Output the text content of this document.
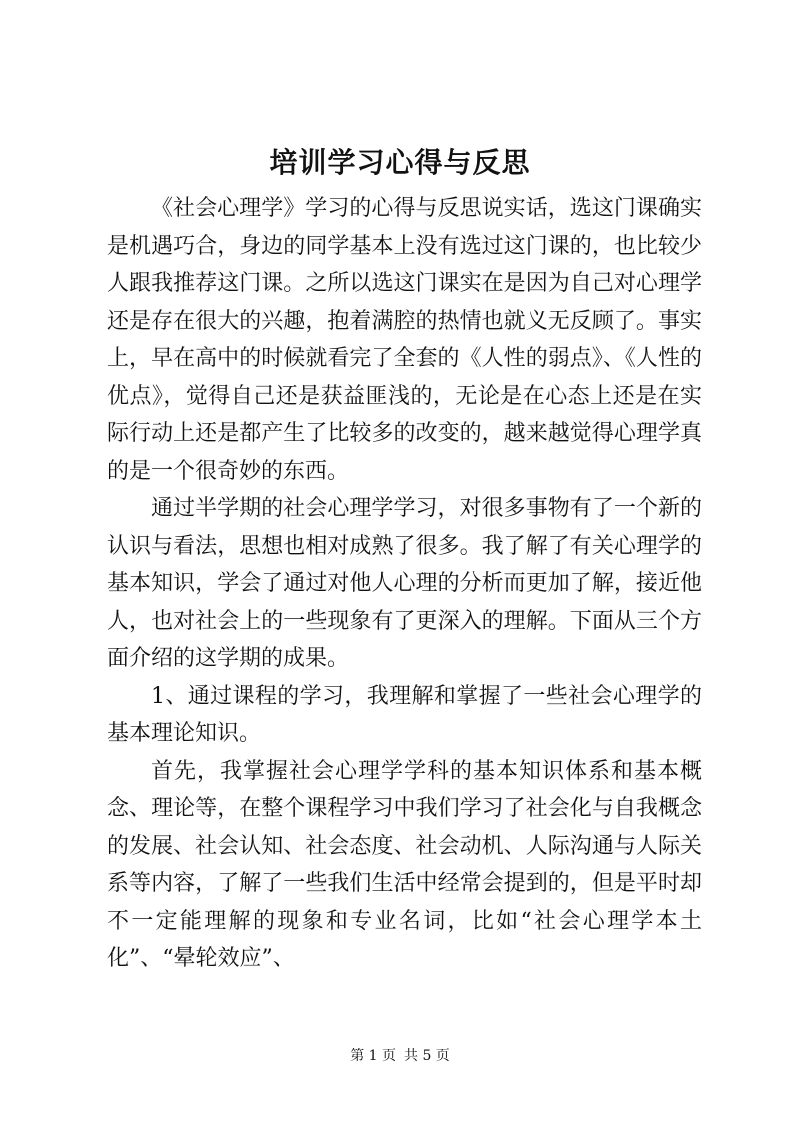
培训学习心得与反思

《社会心理学》学习的心得与反思说实话，选这门课确实是机遇巧合，身边的同学基本上没有选过这门课的，也比较少人跟我推荐这门课。之所以选这门课实在是因为自己对心理学还是存在很大的兴趣，抱着满腔的热情也就义无反顾了。事实上，早在高中的时候就看完了全套的《人性的弱点》、《人性的优点》，觉得自己还是获益匪浅的，无论是在心态上还是在实际行动上还是都产生了比较多的改变的，越来越觉得心理学真的是一个很奇妙的东西。

通过半学期的社会心理学学习，对很多事物有了一个新的认识与看法，思想也相对成熟了很多。我了解了有关心理学的基本知识，学会了通过对他人心理的分析而更加了解，接近他人，也对社会上的一些现象有了更深入的理解。下面从三个方面介绍的这学期的成果。

1、通过课程的学习，我理解和掌握了一些社会心理学的基本理论知识。

首先，我掌握社会心理学学科的基本知识体系和基本概念、理论等，在整个课程学习中我们学习了社会化与自我概念的发展、社会认知、社会态度、社会动机、人际沟通与人际关系等内容，了解了一些我们生活中经常会提到的，但是平时却不一定能理解的现象和专业名词，比如“社会心理学本土化”、“晕轮效应”、

第 1 页 共 5 页
